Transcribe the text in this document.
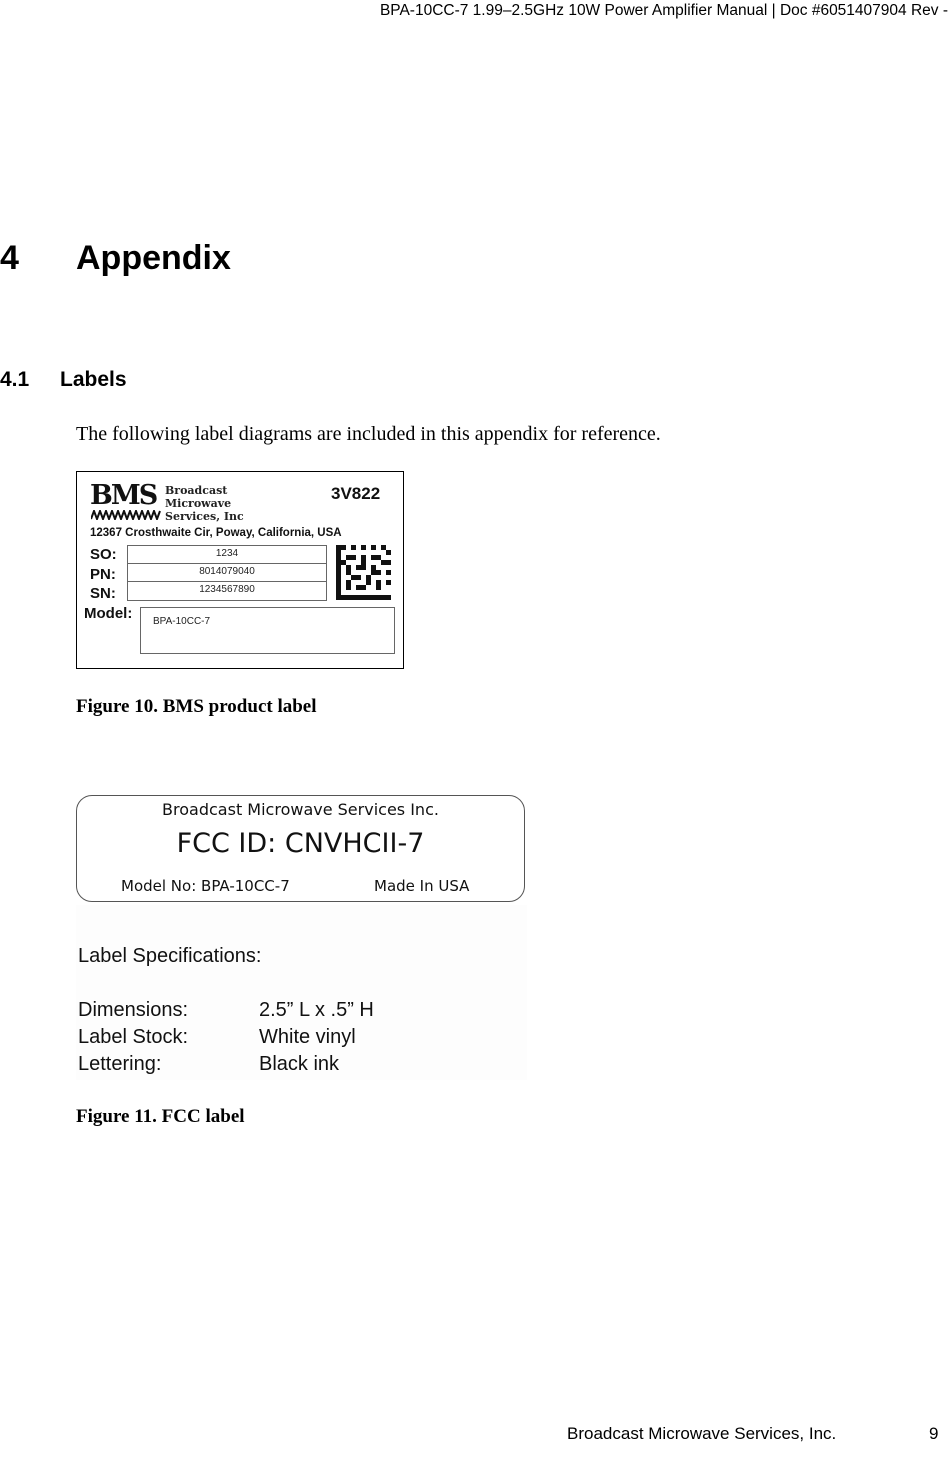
BPA-10CC-7 1.99–2.5GHz 10W Power Amplifier Manual | Doc #6051407904 Rev -
4 Appendix
4.1 Labels
The following label diagrams are included in this appendix for reference.
BMS Broadcast
Microwave
Services, Inc
3V822
12367 Crosthwaite Cir, Poway, California, USA
SO:
PN:
SN:
Model:
1234
8014079040
1234567890
BPA-10CC-7
Figure 10. BMS product label
Broadcast Microwave Services Inc.
FCC ID: CNVHCII-7
Model No: BPA-10CC-7	Made In USA
Label Specifications:
Dimensions:
Label Stock:
Lettering:
2.5” L x .5” H
White vinyl
Black ink
Figure 11. FCC label
Broadcast Microwave Services, Inc.	9
